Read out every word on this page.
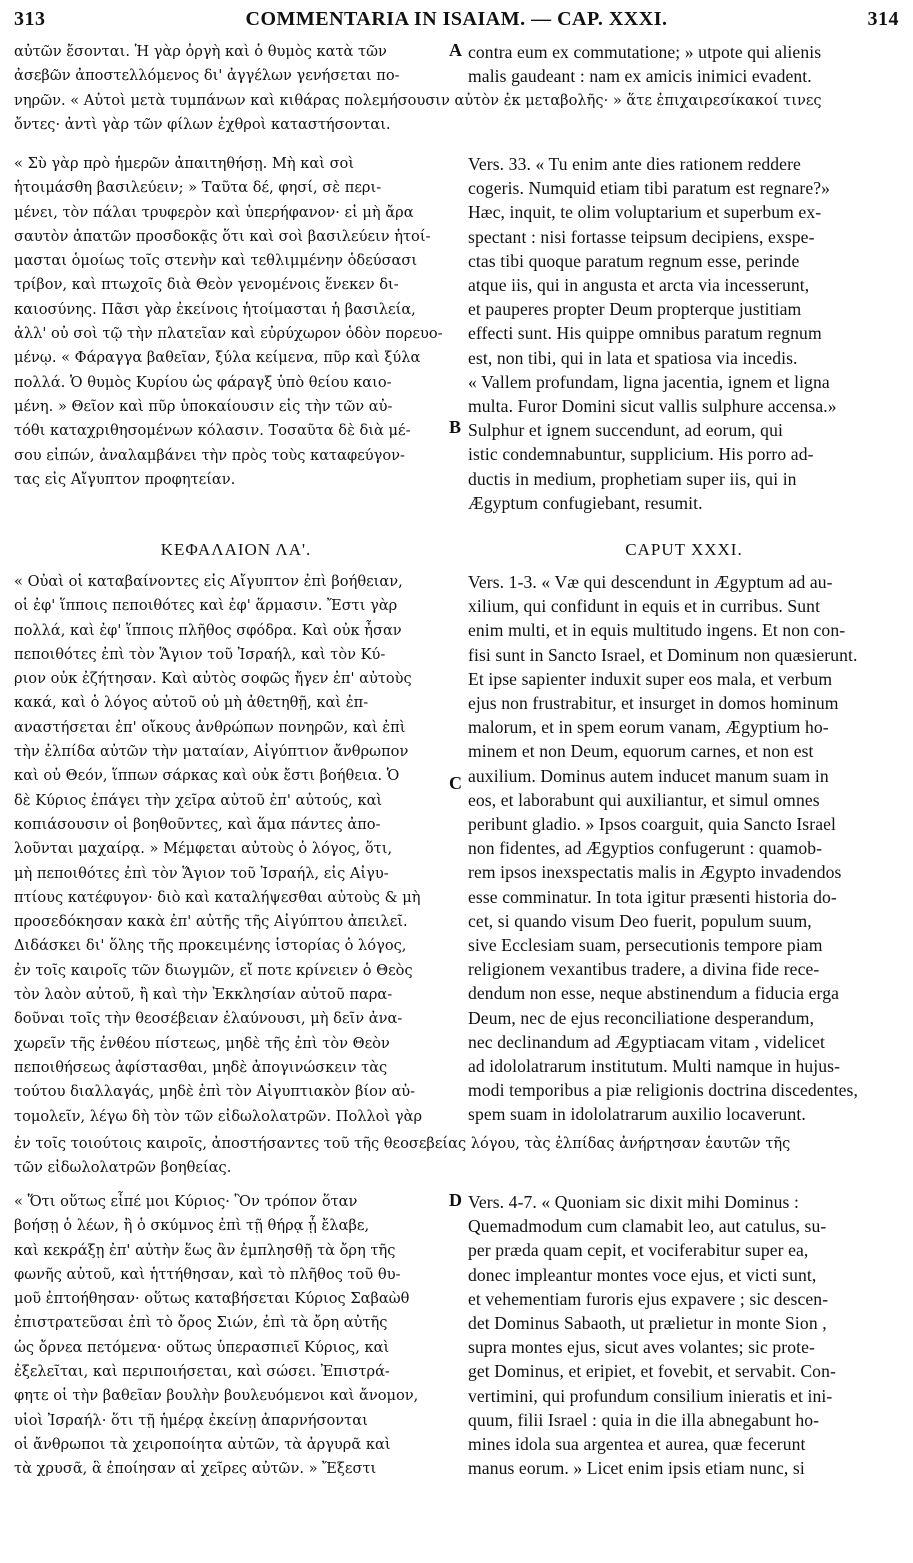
313	COMMENTARIA IN ISAIAM. — CAP. XXXI.	314
αὐτῶν ἔσονται. Ἡ γὰρ ὀργὴ καὶ ὁ θυμὸς κατὰ τῶν
ἀσεβῶν ἀποστελλόμενος δι' ἀγγέλων γενήσεται πο-
νηρῶν. « Αὐτοὶ μετὰ τυμπάνων καὶ κιθάρας πολεμήσουσιν αὐτὸν ἐκ μεταβολῆς· » ἅτε ἐπιχαιρεσίκακοί τινες
ὄντες· ἀντὶ γὰρ τῶν φίλων ἐχθροὶ καταστήσονται.
contra eum ex commutatione; » utpote qui alienis
malis gaudeant : nam ex amicis inimici evadent.
A
« Σὺ γὰρ πρὸ ἡμερῶν ἀπαιτηθήσῃ. Μὴ καὶ σοὶ
ἡτοιμάσθη βασιλεύειν; » Ταῦτα δέ, φησί, σὲ περι-
μένει, τὸν πάλαι τρυφερὸν καὶ ὑπερήφανον· εἰ μὴ ἄρα
σαυτὸν ἀπατῶν προσδοκᾷς ὅτι καὶ σοὶ βασιλεύειν ἡτοί-
μασται ὁμοίως τοῖς στενὴν καὶ τεθλιμμένην ὁδεύσασι
τρίβον, καὶ πτωχοῖς διὰ Θεὸν γενομένοις ἕνεκεν δι-
καιοσύνης. Πᾶσι γὰρ ἐκείνοις ἡτοίμασται ἡ βασιλεία,
ἀλλ' οὐ σοὶ τῷ τὴν πλατεῖαν καὶ εὐρύχωρον ὁδὸν πορευο-
μένῳ. « Φάραγγα βαθεῖαν, ξύλα κείμενα, πῦρ καὶ ξύλα
πολλά. Ὁ θυμὸς Κυρίου ὡς φάραγξ ὑπὸ θείου καιο-
μένη. » Θεῖον καὶ πῦρ ὑποκαίουσιν εἰς τὴν τῶν αὐ-
τόθι καταχριθησομένων κόλασιν. Τοσαῦτα δὲ διὰ μέ-
σου εἰπών, ἀναλαμβάνει τὴν πρὸς τοὺς καταφεύγον-
τας εἰς Αἴγυπτον προφητείαν.
Vers. 33. « Tu enim ante dies rationem reddere
cogeris. Numquid etiam tibi paratum est regnare?»
Hæc, inquit, te olim voluptarium et superbum ex-
spectant : nisi fortasse teipsum decipiens, exspe-
ctas tibi quoque paratum regnum esse, perinde
atque iis, qui in angusta et arcta via incesserunt,
et pauperes propter Deum propterque justitiam
effecti sunt. His quippe omnibus paratum regnum
est, non tibi, qui in lata et spatiosa via incedis.
« Vallem profundam, ligna jacentia, ignem et ligna
multa. Furor Domini sicut vallis sulphure accensa.»
Sulphur et ignem succendunt, ad eorum, qui
istic condemnabuntur, supplicium. His porro ad-
ductis in medium, prophetiam super iis, qui in
Ægyptum confugiebant, resumit.
B
ΚΕΦΑΛΑΙΟΝ ΛΑ'.	CAPUT XXXI.
« Οὐαὶ οἱ καταβαίνοντες εἰς Αἴγυπτον ἐπὶ βοήθειαν,
οἱ ἐφ' ἵπποις πεποιθότες καὶ ἐφ' ἅρμασιν. Ἔστι γὰρ
πολλά, καὶ ἐφ' ἵπποις πλῆθος σφόδρα. Καὶ οὐκ ἦσαν
πεποιθότες ἐπὶ τὸν Ἅγιον τοῦ Ἰσραήλ, καὶ τὸν Κύ-
ριον οὐκ ἐζήτησαν. Καὶ αὐτὸς σοφῶς ἤγεν ἐπ' αὐτοὺς
κακά, καὶ ὁ λόγος αὐτοῦ οὐ μὴ ἀθετηθῇ, καὶ ἐπ-
αναστήσεται ἐπ' οἴκους ἀνθρώπων πονηρῶν, καὶ ἐπὶ
τὴν ἐλπίδα αὐτῶν τὴν ματαίαν, Αἰγύπτιον ἄνθρωπον
καὶ οὐ Θεόν, ἵππων σάρκας καὶ οὐκ ἔστι βοήθεια. Ὁ
δὲ Κύριος ἐπάγει τὴν χεῖρα αὐτοῦ ἐπ' αὐτούς, καὶ
κοπιάσουσιν οἱ βοηθοῦντες, καὶ ἅμα πάντες ἀπο-
λοῦνται μαχαίρᾳ. » Μέμφεται αὐτοὺς ὁ λόγος, ὅτι,
μὴ πεποιθότες ἐπὶ τὸν Ἅγιον τοῦ Ἰσραήλ, εἰς Αἰγυ-
πτίους κατέφυγον· διὸ καὶ καταλήψεσθαι αὐτοὺς & μὴ
προσεδόκησαν κακὰ ἐπ' αὐτῆς τῆς Αἰγύπτου ἀπειλεῖ.
Διδάσκει δι' ὅλης τῆς προκειμένης ἱστορίας ὁ λόγος,
ἐν τοῖς καιροῖς τῶν διωγμῶν, εἴ ποτε κρίνειεν ὁ Θεὸς
τὸν λαὸν αὐτοῦ, ἢ καὶ τὴν Ἐκκλησίαν αὐτοῦ παρα-
δοῦναι τοῖς τὴν θεοσέβειαν ἐλαύνουσι, μὴ δεῖν ἀνα-
χωρεῖν τῆς ἐνθέου πίστεως, μηδὲ τῆς ἐπὶ τὸν Θεὸν
πεποιθήσεως ἀφίστασθαι, μηδὲ ἀπογινώσκειν τὰς
τούτου διαλλαγάς, μηδὲ ἐπὶ τὸν Αἰγυπτιακὸν βίον αὐ-
τομολεῖν, λέγω δὴ τὸν τῶν εἰδωλολατρῶν. Πολλοὶ γὰρ
Vers. 1-3. « Væ qui descendunt in Ægyptum ad au-
xilium, qui confidunt in equis et in curribus. Sunt
enim multi, et in equis multitudo ingens. Et non con-
fisi sunt in Sancto Israel, et Dominum non quæsierunt.
Et ipse sapienter induxit super eos mala, et verbum
ejus non frustrabitur, et insurget in domos hominum
malorum, et in spem eorum vanam, Ægyptium ho-
minem et non Deum, equorum carnes, et non est
auxilium. Dominus autem inducet manum suam in
eos, et laborabunt qui auxiliantur, et simul omnes
peribunt gladio. » Ipsos coarguit, quia Sancto Israel
non fidentes, ad Ægyptios confugerunt : quamob-
rem ipsos inexspectatis malis in Ægypto invadendos
esse comminatur. In tota igitur præsenti historia do-
cet, si quando visum Deo fuerit, populum suum,
sive Ecclesiam suam, persecutionis tempore piam
religionem vexantibus tradere, a divina fide rece-
dendum non esse, neque abstinendum a fiducia erga
Deum, nec de ejus reconciliatione desperandum,
nec declinandum ad Ægyptiacam vitam , videlicet
ad idololatrarum institutum. Multi namque in hujus-
modi temporibus a piæ religionis doctrina discedentes,
spem suam in idololatrarum auxilio locaverunt.
C
ἐν τοῖς τοιούτοις καιροῖς, ἀποστήσαντες τοῦ τῆς θεοσεβείας λόγου, τὰς ἐλπίδας ἀνήρτησαν ἑαυτῶν τῆς
τῶν εἰδωλολατρῶν βοηθείας.
« Ὅτι οὕτως εἶπέ μοι Κύριος· Ὃν τρόπον ὅταν
βοήσῃ ὁ λέων, ἢ ὁ σκύμνος ἐπὶ τῇ θήρᾳ ᾗ ἔλαβε,
καὶ κεκράξῃ ἐπ' αὐτὴν ἕως ἂν ἐμπλησθῇ τὰ ὄρη τῆς
φωνῆς αὐτοῦ, καὶ ἡττήθησαν, καὶ τὸ πλῆθος τοῦ θυ-
μοῦ ἐπτοήθησαν· οὕτως καταβήσεται Κύριος Σαβαὼθ
ἐπιστρατεῦσαι ἐπὶ τὸ ὄρος Σιών, ἐπὶ τὰ ὄρη αὐτῆς
ὡς ὄρνεα πετόμενα· οὕτως ὑπερασπιεῖ Κύριος, καὶ
ἐξελεῖται, καὶ περιποιήσεται, καὶ σώσει. Ἐπιστρά-
φητε οἱ τὴν βαθεῖαν βουλὴν βουλευόμενοι καὶ ἄνομον,
υἱοὶ Ἰσραήλ· ὅτι τῇ ἡμέρᾳ ἐκείνῃ ἀπαρνήσονται
οἱ ἄνθρωποι τὰ χειροποίητα αὐτῶν, τὰ ἀργυρᾶ καὶ
τὰ χρυσᾶ, ἃ ἐποίησαν αἱ χεῖρες αὐτῶν. » Ἔξεστι
Vers. 4-7. « Quoniam sic dixit mihi Dominus :
Quemadmodum cum clamabit leo, aut catulus, su-
per præda quam cepit, et vociferabitur super ea,
donec impleantur montes voce ejus, et victi sunt,
et vehementiam furoris ejus expavere ; sic descen-
det Dominus Sabaoth, ut prælietur in monte Sion ,
supra montes ejus, sicut aves volantes; sic prote-
get Dominus, et eripiet, et fovebit, et servabit. Con-
vertimini, qui profundum consilium inieratis et ini-
quum, filii Israel : quia in die illa abnegabunt ho-
mines idola sua argentea et aurea, quæ fecerunt
manus eorum. » Licet enim ipsis etiam nunc, si
D
